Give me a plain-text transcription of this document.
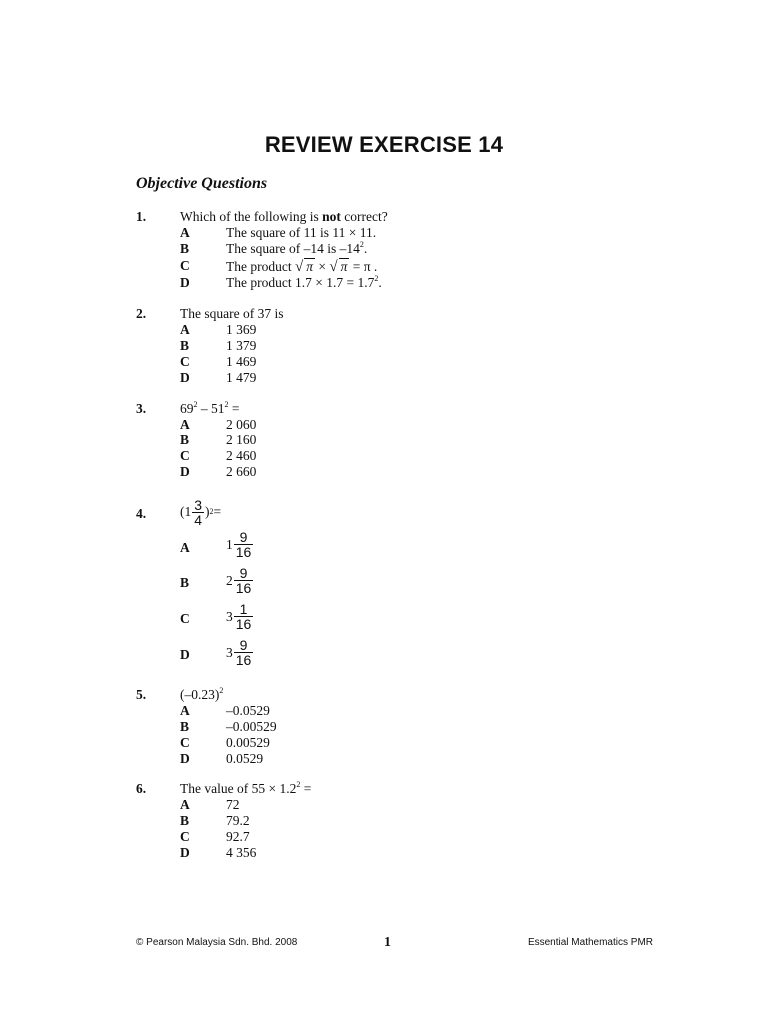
REVIEW EXERCISE 14
Objective Questions
1.	Which of the following is not correct?
A	The square of 11 is 11 × 11.
B	The square of –14 is $-14^2$.
C	The product √ π × √ π = π .
D	The product $1.7 \times 1.7 = 1.7^2$.
2.	The square of 37 is
A	1 369
B	1 379
C	1 469
D	1 479
3.	$69^2 - 51^2$ =
A	2 060
B	2 160
C	2 460
D	2 660
4.	($1 \frac{3}{4}$ ) 2 =
A	$1 \frac{9}{16}$
B	$2 \frac{9}{16}$
C	$3 \frac{1}{16}$
D	$3 \frac{9}{16}$
5.	$(-0.23)^2$
A	–0.0529
B	–0.00529
C	0.00529
D	0.0529
6.	The value of $55 \times 1.2^2$ =
A	72
B	79.2
C	92.7
D	4 356
© Pearson Malaysia Sdn. Bhd. 2008	1	Essential Mathematics PMR
